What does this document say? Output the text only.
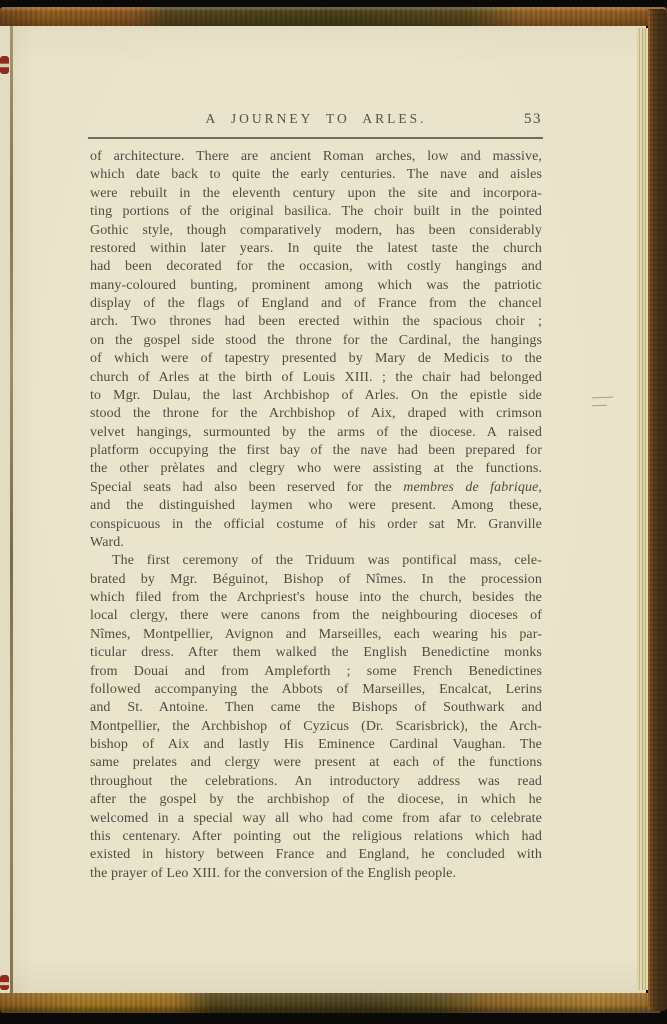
A JOURNEY TO ARLES.	53
of architecture. There are ancient Roman arches, low and massive,
which date back to quite the early centuries. The nave and aisles
were rebuilt in the eleventh century upon the site and incorpora-
ting portions of the original basilica. The choir built in the pointed
Gothic style, though comparatively modern, has been considerably
restored within later years. In quite the latest taste the church
had been decorated for the occasion, with costly hangings and
many-coloured bunting, prominent among which was the patriotic
display of the flags of England and of France from the chancel
arch. Two thrones had been erected within the spacious choir ;
on the gospel side stood the throne for the Cardinal, the hangings
of which were of tapestry presented by Mary de Medicis to the
church of Arles at the birth of Louis XIII. ; the chair had belonged
to Mgr. Dulau, the last Archbishop of Arles. On the epistle side
stood the throne for the Archbishop of Aix, draped with crimson
velvet hangings, surmounted by the arms of the diocese. A raised
platform occupying the first bay of the nave had been prepared for
the other prèlates and clegry who were assisting at the functions.
Special seats had also been reserved for the membres de fabrique,
and the distinguished laymen who were present. Among these,
conspicuous in the official costume of his order sat Mr. Granville
Ward.
The first ceremony of the Triduum was pontifical mass, cele-
brated by Mgr. Béguinot, Bishop of Nîmes. In the procession
which filed from the Archpriest's house into the church, besides the
local clergy, there were canons from the neighbouring dioceses of
Nîmes, Montpellier, Avignon and Marseilles, each wearing his par-
ticular dress. After them walked the English Benedictine monks
from Douai and from Ampleforth ; some French Benedictines
followed accompanying the Abbots of Marseilles, Encalcat, Lerins
and St. Antoine. Then came the Bishops of Southwark and
Montpellier, the Archbishop of Cyzicus (Dr. Scarisbrick), the Arch-
bishop of Aix and lastly His Eminence Cardinal Vaughan. The
same prelates and clergy were present at each of the functions
throughout the celebrations. An introductory address was read
after the gospel by the archbishop of the diocese, in which he
welcomed in a special way all who had come from afar to celebrate
this centenary. After pointing out the religious relations which had
existed in history between France and England, he concluded with
the prayer of Leo XIII. for the conversion of the English people.
